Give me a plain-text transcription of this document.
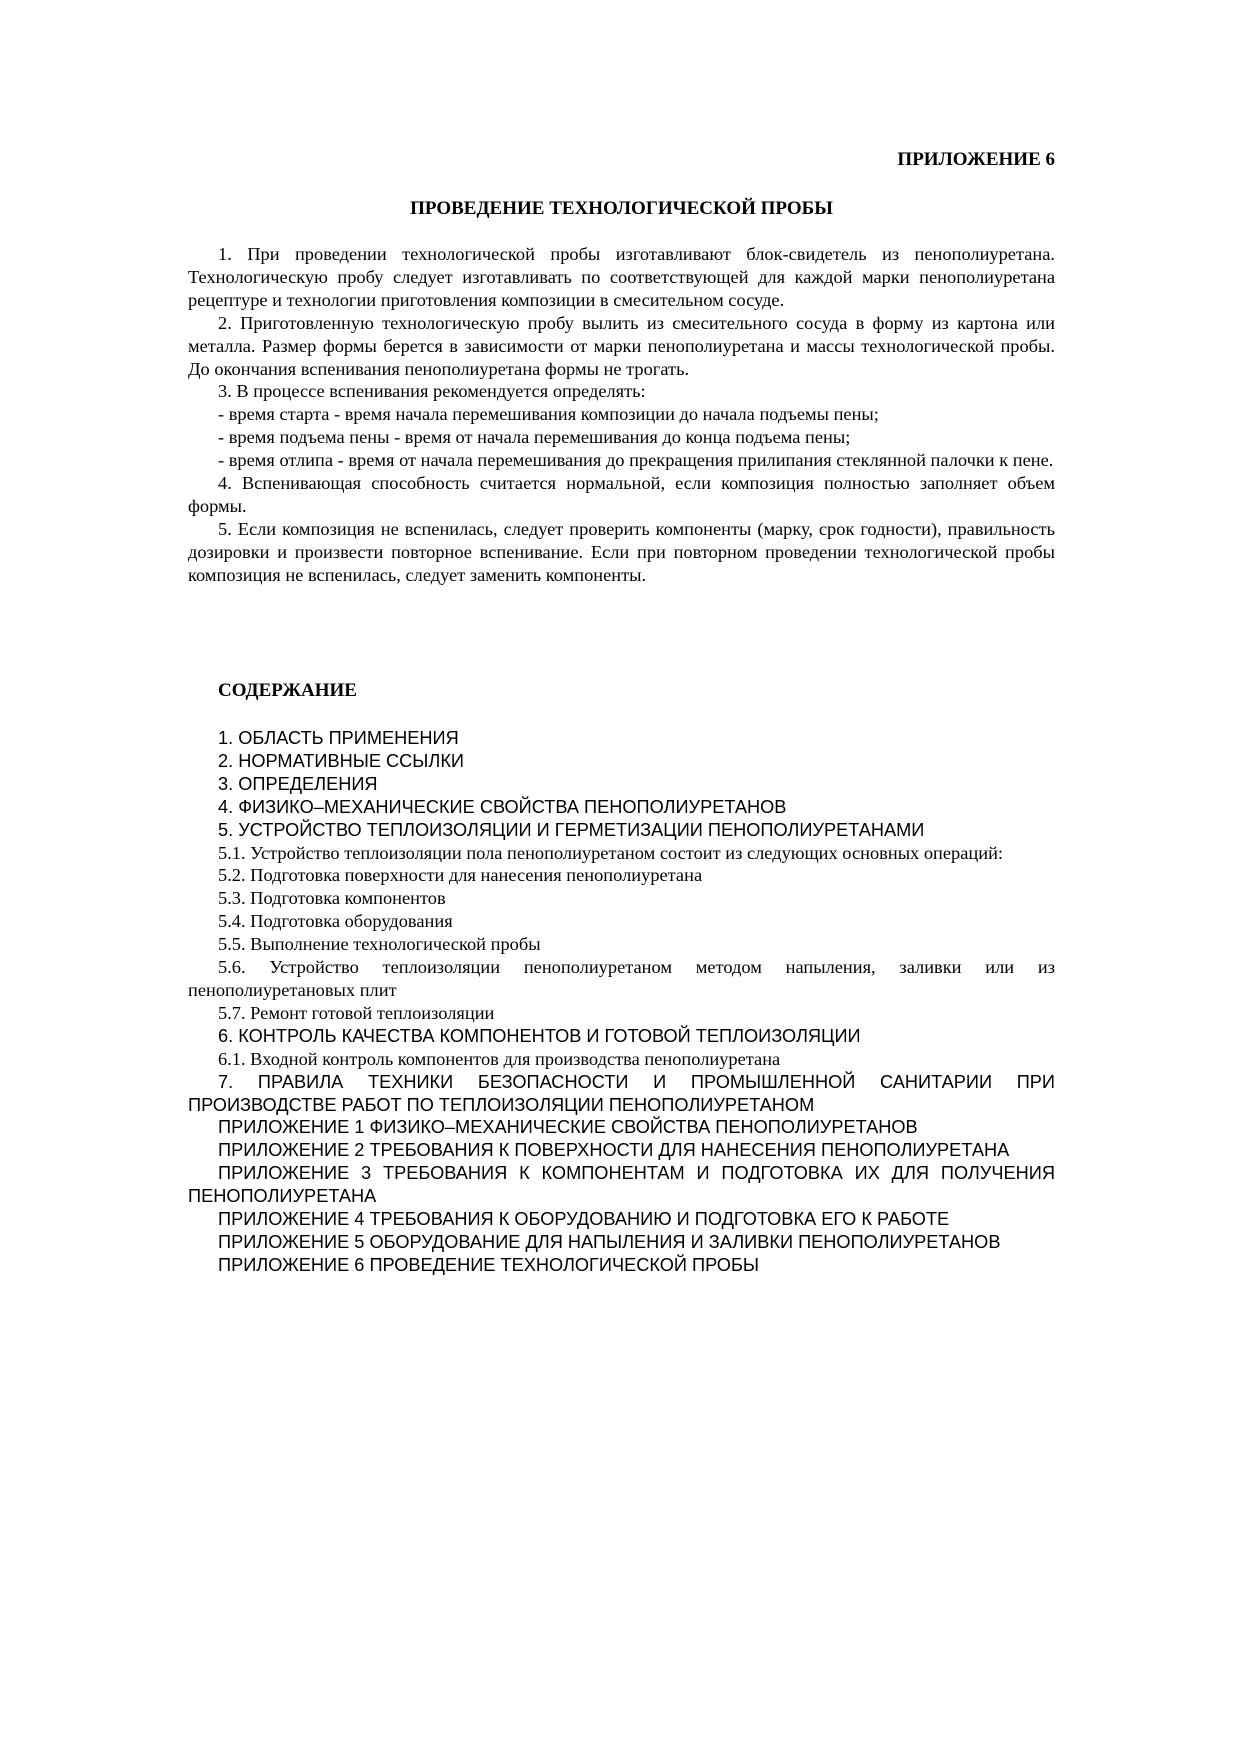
ПРИЛОЖЕНИЕ 6
ПРОВЕДЕНИЕ ТЕХНОЛОГИЧЕСКОЙ ПРОБЫ

1. При проведении технологической пробы изготавливают блок-свидетель из пенополиуретана. Технологическую пробу следует изготавливать по соответствующей для каждой марки пенополиуретана рецептуре и технологии приготовления композиции в смесительном сосуде.

2. Приготовленную технологическую пробу вылить из смесительного сосуда в форму из картона или металла. Размер формы берется в зависимости от марки пенополиуретана и массы технологической пробы. До окончания вспенивания пенополиуретана формы не трогать.

3. В процессе вспенивания рекомендуется определять:

- время старта - время начала перемешивания композиции до начала подъемы пены;

- время подъема пены - время от начала перемешивания до конца подъема пены;

- время отлипа - время от начала перемешивания до прекращения прилипания стеклянной палочки к пене.

4. Вспенивающая способность считается нормальной, если композиция полностью заполняет объем формы.

5. Если композиция не вспенилась, следует проверить компоненты (марку, срок годности), правильность дозировки и произвести повторное вспенивание. Если при повторном проведении технологической пробы композиция не вспенилась, следует заменить компоненты.

СОДЕРЖАНИЕ

1. ОБЛАСТЬ ПРИМЕНЕНИЯ

2. НОРМАТИВНЫЕ ССЫЛКИ

3. ОПРЕДЕЛЕНИЯ

4. ФИЗИКО–МЕХАНИЧЕСКИЕ СВОЙСТВА ПЕНОПОЛИУРЕТАНОВ

5. УСТРОЙСТВО ТЕПЛОИЗОЛЯЦИИ И ГЕРМЕТИЗАЦИИ ПЕНОПОЛИУРЕТАНАМИ

5.1. Устройство теплоизоляции пола пенополиуретаном состоит из следующих основных операций:

5.2. Подготовка поверхности для нанесения пенополиуретана

5.3. Подготовка компонентов

5.4. Подготовка оборудования

5.5. Выполнение технологической пробы

5.6. Устройство теплоизоляции пенополиуретаном методом напыления, заливки или из пенополиуретановых плит

5.7. Ремонт готовой теплоизоляции

6. КОНТРОЛЬ КАЧЕСТВА КОМПОНЕНТОВ И ГОТОВОЙ ТЕПЛОИЗОЛЯЦИИ

6.1. Входной контроль компонентов для производства пенополиуретана

7. ПРАВИЛА ТЕХНИКИ БЕЗОПАСНОСТИ И ПРОМЫШЛЕННОЙ САНИТАРИИ ПРИ ПРОИЗВОДСТВЕ РАБОТ ПО ТЕПЛОИЗОЛЯЦИИ ПЕНОПОЛИУРЕТАНОМ

ПРИЛОЖЕНИЕ 1 ФИЗИКО–МЕХАНИЧЕСКИЕ СВОЙСТВА ПЕНОПОЛИУРЕТАНОВ

ПРИЛОЖЕНИЕ 2 ТРЕБОВАНИЯ К ПОВЕРХНОСТИ ДЛЯ НАНЕСЕНИЯ ПЕНОПОЛИУРЕТАНА

ПРИЛОЖЕНИЕ 3 ТРЕБОВАНИЯ К КОМПОНЕНТАМ И ПОДГОТОВКА ИХ ДЛЯ ПОЛУЧЕНИЯ ПЕНОПОЛИУРЕТАНА

ПРИЛОЖЕНИЕ 4 ТРЕБОВАНИЯ К ОБОРУДОВАНИЮ И ПОДГОТОВКА ЕГО К РАБОТЕ

ПРИЛОЖЕНИЕ 5 ОБОРУДОВАНИЕ ДЛЯ НАПЫЛЕНИЯ И ЗАЛИВКИ ПЕНОПОЛИУРЕТАНОВ

ПРИЛОЖЕНИЕ 6 ПРОВЕДЕНИЕ ТЕХНОЛОГИЧЕСКОЙ ПРОБЫ
